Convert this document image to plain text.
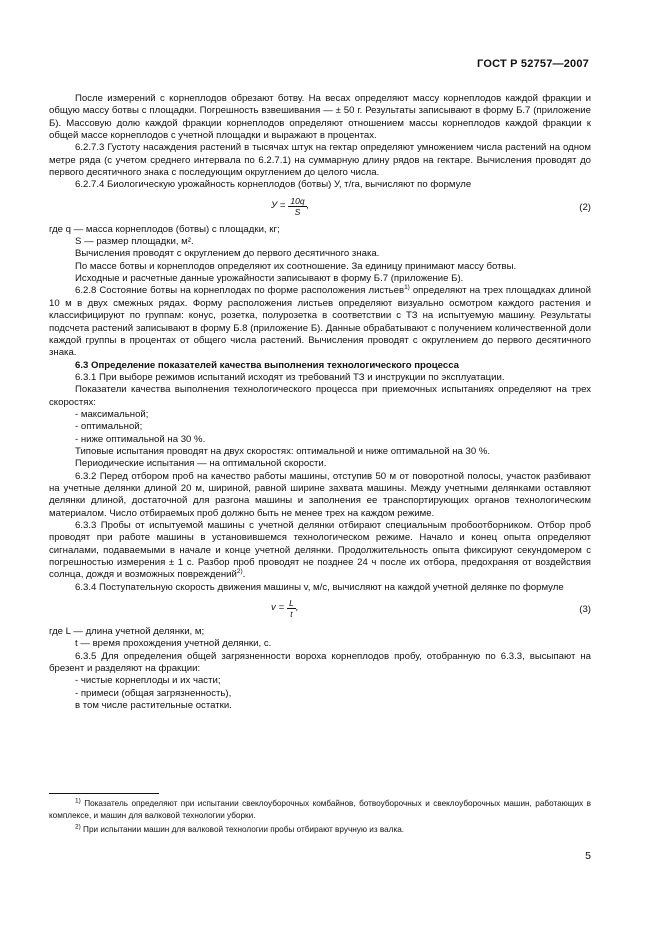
ГОСТ Р 52757—2007

После измерений с корнеплодов обрезают ботву. На весах определяют массу корнеплодов каждой фракции и общую массу ботвы с площадки. Погрешность взвешивания — ± 50 г. Результаты записывают в форму Б.7 (приложение Б). Массовую долю каждой фракции корнеплодов определяют отношением массы корнеплодов каждой фракции к общей массе корнеплодов с учетной площадки и выражают в процентах.

6.2.7.3 Густоту насаждения растений в тысячах штук на гектар определяют умножением числа растений на одном метре ряда (с учетом среднего интервала по 6.2.7.1) на суммарную длину рядов на гектаре. Вычисления проводят до первого десятичного знака с последующим округлением до целого числа.

6.2.7.4 Биологическую урожайность корнеплодов (ботвы) У, т/га, вычисляют по формуле

$У = \frac{10q}{S}$ ,	(2)

где q — масса корнеплодов (ботвы) с площадки, кг;

S — размер площадки, м².

Вычисления проводят с округлением до первого десятичного знака.

По массе ботвы и корнеплодов определяют их соотношение. За единицу принимают массу ботвы.

Исходные и расчетные данные урожайности записывают в форму Б.7 (приложение Б).

6.2.8 Состояние ботвы на корнеплодах по форме расположения листьев$^{1)}$ определяют на трех площадках длиной 10 м в двух смежных рядах. Форму расположения листьев определяют визуально осмотром каждого растения и классифицируют по группам: конус, розетка, полурозетка в соответствии с ТЗ на испытуемую машину. Результаты подсчета растений записывают в форму Б.8 (приложение Б). Данные обрабатывают с получением количественной доли каждой группы в процентах от общего числа растений. Вычисления проводят с округлением до первого десятичного знака.

6.3 Определение показателей качества выполнения технологического процесса

6.3.1 При выборе режимов испытаний исходят из требований ТЗ и инструкции по эксплуатации.

Показатели качества выполнения технологического процесса при приемочных испытаниях определяют на трех скоростях:

- максимальной;

- оптимальной;

- ниже оптимальной на 30 %.

Типовые испытания проводят на двух скоростях: оптимальной и ниже оптимальной на 30 %.

Периодические испытания — на оптимальной скорости.

6.3.2 Перед отбором проб на качество работы машины, отступив 50 м от поворотной полосы, участок разбивают на учетные делянки длиной 20 м, шириной, равной ширине захвата машины. Между учетными делянками оставляют делянки длиной, достаточной для разгона машины и заполнения ее транспортирующих органов технологическим материалом. Число отбираемых проб должно быть не менее трех на каждом режиме.

6.3.3 Пробы от испытуемой машины с учетной делянки отбирают специальным пробоотборником. Отбор проб проводят при работе машины в установившемся технологическом режиме. Начало и конец опыта определяют сигналами, подаваемыми в начале и конце учетной делянки. Продолжительность опыта фиксируют секундомером с погрешностью измерения ± 1 с. Разбор проб проводят не позднее 24 ч после их отбора, предохраняя от воздействия солнца, дождя и возможных повреждений$^{2)}$.

6.3.4 Поступательную скорость движения машины v, м/с, вычисляют на каждой учетной делянке по формуле

$v = \frac{L}{t}$ ,	(3)

где L — длина учетной делянки, м;

t — время прохождения учетной делянки, с.

6.3.5 Для определения общей загрязненности вороха корнеплодов пробу, отобранную по 6.3.3, высыпают на брезент и разделяют на фракции:

- чистые корнеплоды и их части;

- примеси (общая загрязненность),

в том числе растительные остатки.

$^{1)}$ Показатель определяют при испытании свеклоуборочных комбайнов, ботвоуборочных и свеклоуборочных машин, работающих в комплексе, и машин для валковой технологии уборки.

$^{2)}$ При испытании машин для валковой технологии пробы отбирают вручную из валка.

5
